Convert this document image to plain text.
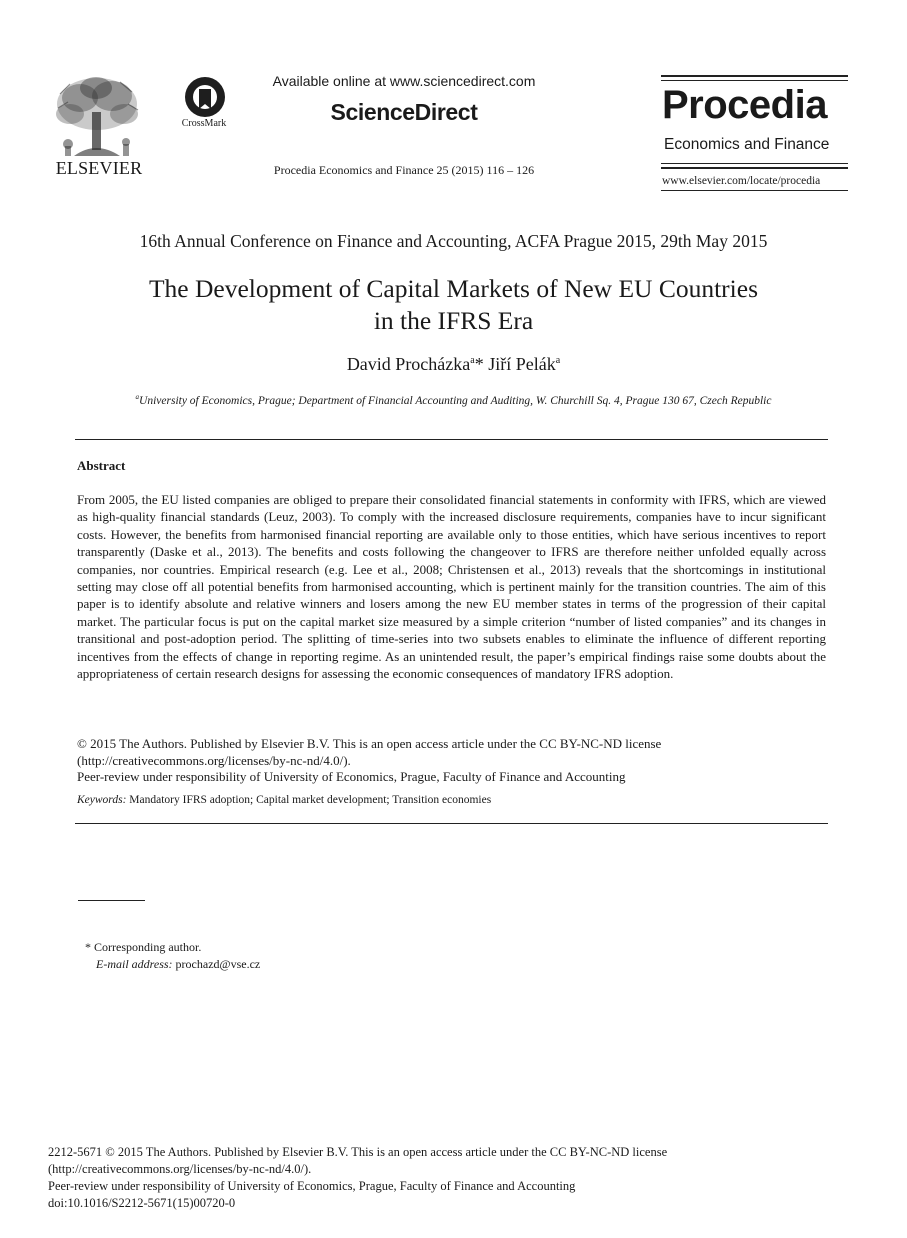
ELSEVIER
CrossMark
Available online at www.sciencedirect.com
ScienceDirect
Procedia Economics and Finance 25 (2015) 116 – 126
Procedia
Economics and Finance
www.elsevier.com/locate/procedia
16th Annual Conference on Finance and Accounting, ACFA Prague 2015, 29th May 2015
The Development of Capital Markets of New EU Countries
in the IFRS Era
David Procházka$^a$* Jiří Pelák$^a$
$^a$University of Economics, Prague; Department of Financial Accounting and Auditing, W. Churchill Sq. 4, Prague 130 67, Czech Republic
Abstract
From 2005, the EU listed companies are obliged to prepare their consolidated financial statements in conformity with IFRS, which are viewed as high-quality financial standards (Leuz, 2003). To comply with the increased disclosure requirements, companies have to incur significant costs. However, the benefits from harmonised financial reporting are available only to those entities, which have serious incentives to report transparently (Daske et al., 2013). The benefits and costs following the changeover to IFRS are therefore neither unfolded equally across companies, nor countries. Empirical research (e.g. Lee et al., 2008; Christensen et al., 2013) reveals that the shortcomings in institutional setting may close off all potential benefits from harmonised accounting, which is pertinent mainly for the transition countries. The aim of this paper is to identify absolute and relative winners and losers among the new EU member states in terms of the progression of their capital market. The particular focus is put on the capital market size measured by a simple criterion “number of listed companies” and its changes in transitional and post-adoption period. The splitting of time-series into two subsets enables to eliminate the influence of different reporting incentives from the effects of change in reporting regime. As an unintended result, the paper’s empirical findings raise some doubts about the appropriateness of certain research designs for assessing the economic consequences of mandatory IFRS adoption.
© 2015 The Authors. Published by Elsevier B.V. This is an open access article under the CC BY-NC-ND license
(http://creativecommons.org/licenses/by-nc-nd/4.0/).
Peer-review under responsibility of University of Economics, Prague, Faculty of Finance and Accounting
Keywords: Mandatory IFRS adoption; Capital market development; Transition economies
* Corresponding author.
E-mail address: prochazd@vse.cz
2212-5671 © 2015 The Authors. Published by Elsevier B.V. This is an open access article under the CC BY-NC-ND license
(http://creativecommons.org/licenses/by-nc-nd/4.0/).
Peer-review under responsibility of University of Economics, Prague, Faculty of Finance and Accounting
doi:10.1016/S2212-5671(15)00720-0
